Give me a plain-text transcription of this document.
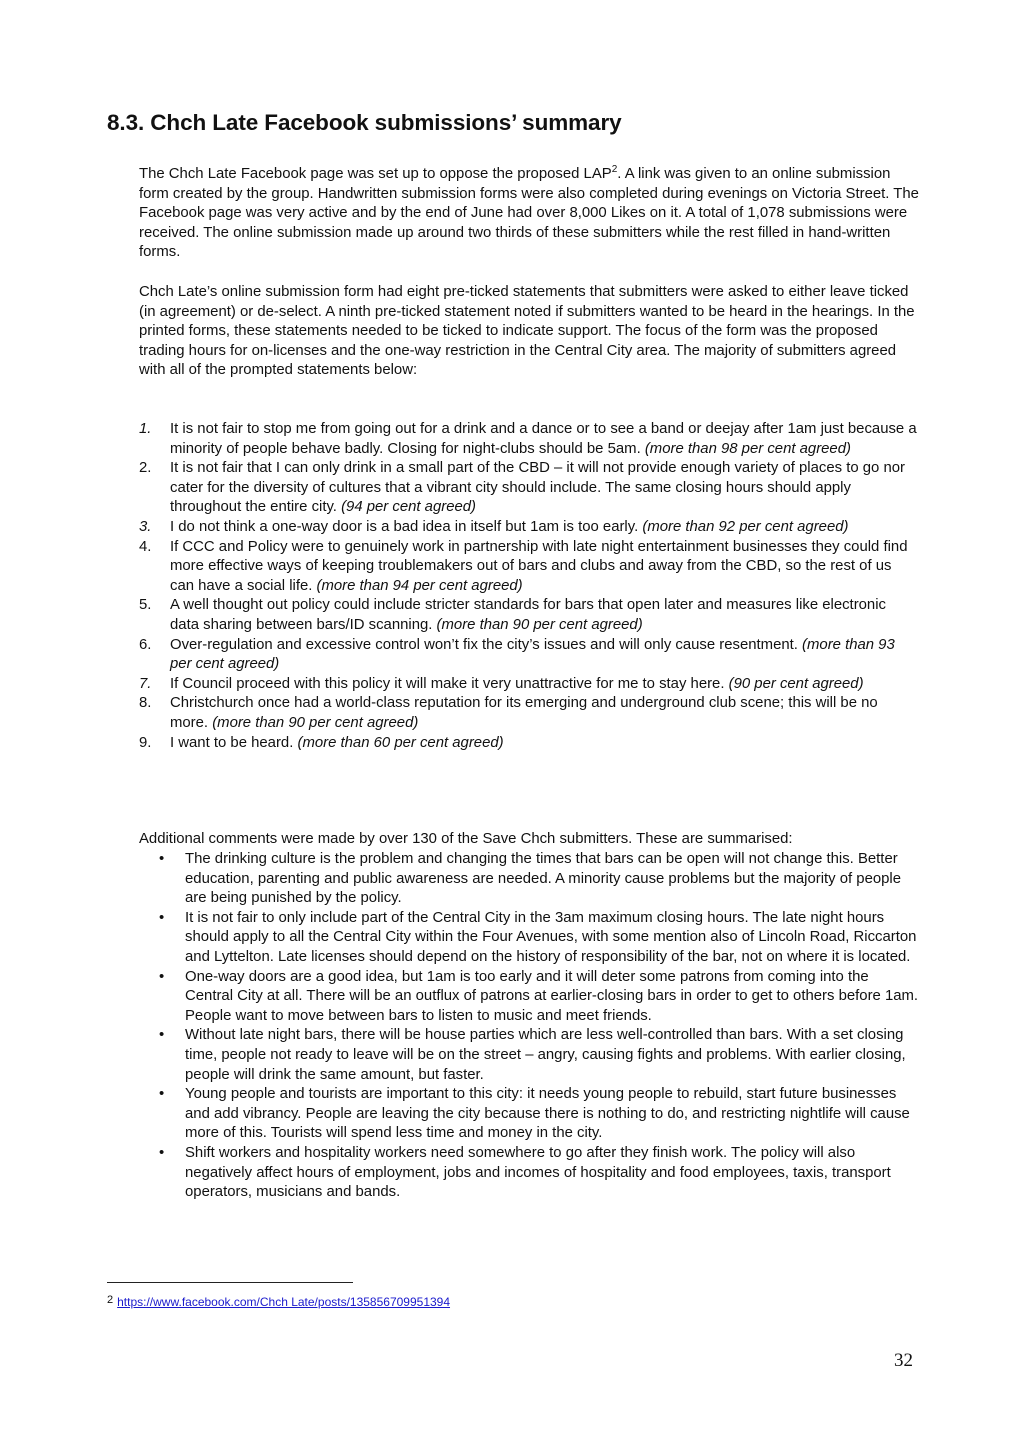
8.3. Chch Late Facebook submissions’ summary

The Chch Late Facebook page was set up to oppose the proposed LAP$^2$. A link was given to an online submission form created by the group. Handwritten submission forms were also completed during evenings on Victoria Street. The Facebook page was very active and by the end of June had over 8,000 Likes on it. A total of 1,078 submissions were received. The online submission made up around two thirds of these submitters while the rest filled in hand-written forms.

Chch Late’s online submission form had eight pre-ticked statements that submitters were asked to either leave ticked (in agreement) or de-select. A ninth pre-ticked statement noted if submitters wanted to be heard in the hearings. In the printed forms, these statements needed to be ticked to indicate support. The focus of the form was the proposed trading hours for on-licenses and the one-way restriction in the Central City area. The majority of submitters agreed with all of the prompted statements below:

1.	It is not fair to stop me from going out for a drink and a dance or to see a band or deejay after 1am just because a minority of people behave badly. Closing for night-clubs should be 5am. (more than 98 per cent agreed)
2.	It is not fair that I can only drink in a small part of the CBD – it will not provide enough variety of places to go nor cater for the diversity of cultures that a vibrant city should include. The same closing hours should apply throughout the entire city. (94 per cent agreed)
3.	I do not think a one-way door is a bad idea in itself but 1am is too early. (more than 92 per cent agreed)
4.	If CCC and Policy were to genuinely work in partnership with late night entertainment businesses they could find more effective ways of keeping troublemakers out of bars and clubs and away from the CBD, so the rest of us can have a social life. (more than 94 per cent agreed)
5.	A well thought out policy could include stricter standards for bars that open later and measures like electronic data sharing between bars/ID scanning. (more than 90 per cent agreed)
6.	Over-regulation and excessive control won’t fix the city’s issues and will only cause resentment. (more than 93 per cent agreed)
7.	If Council proceed with this policy it will make it very unattractive for me to stay here. (90 per cent agreed)
8.	Christchurch once had a world-class reputation for its emerging and underground club scene; this will be no more. (more than 90 per cent agreed)
9.	I want to be heard. (more than 60 per cent agreed)

Additional comments were made by over 130 of the Save Chch submitters. These are summarised:

• The drinking culture is the problem and changing the times that bars can be open will not change this. Better education, parenting and public awareness are needed. A minority cause problems but the majority of people are being punished by the policy.
• It is not fair to only include part of the Central City in the 3am maximum closing hours. The late night hours should apply to all the Central City within the Four Avenues, with some mention also of Lincoln Road, Riccarton and Lyttelton. Late licenses should depend on the history of responsibility of the bar, not on where it is located.
• One-way doors are a good idea, but 1am is too early and it will deter some patrons from coming into the Central City at all. There will be an outflux of patrons at earlier-closing bars in order to get to others before 1am. People want to move between bars to listen to music and meet friends.
• Without late night bars, there will be house parties which are less well-controlled than bars. With a set closing time, people not ready to leave will be on the street – angry, causing fights and problems. With earlier closing, people will drink the same amount, but faster.
• Young people and tourists are important to this city: it needs young people to rebuild, start future businesses and add vibrancy. People are leaving the city because there is nothing to do, and restricting nightlife will cause more of this. Tourists will spend less time and money in the city.
• Shift workers and hospitality workers need somewhere to go after they finish work. The policy will also negatively affect hours of employment, jobs and incomes of hospitality and food employees, taxis, transport operators, musicians and bands.
$^2$ https://www.facebook.com/Chch Late/posts/135856709951394
32
